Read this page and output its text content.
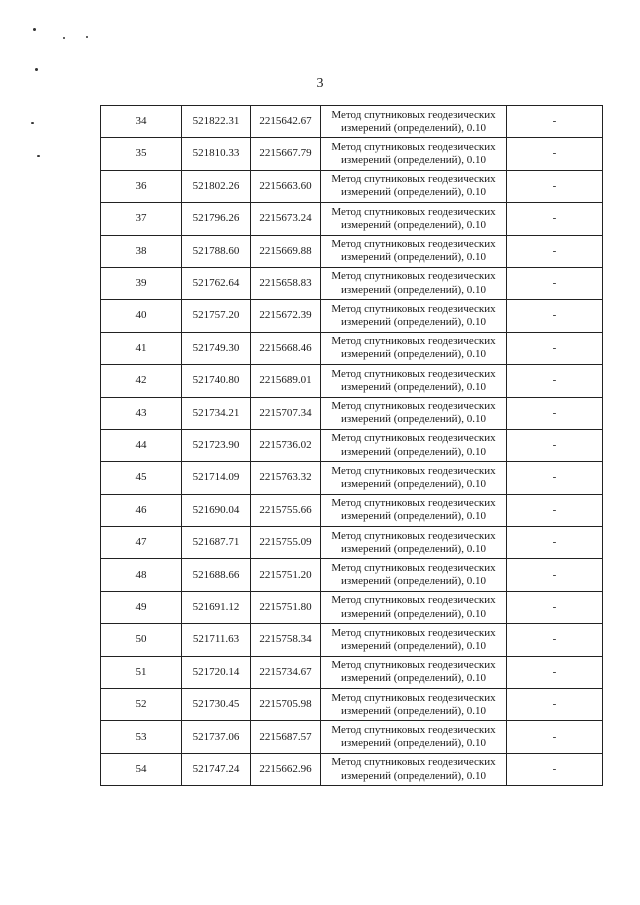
3
34	521822.31	2215642.67	Метод спутниковых геодезических
измерений (определений), 0.10	-
35	521810.33	2215667.79	Метод спутниковых геодезических
измерений (определений), 0.10	-
36	521802.26	2215663.60	Метод спутниковых геодезических
измерений (определений), 0.10	-
37	521796.26	2215673.24	Метод спутниковых геодезических
измерений (определений), 0.10	-
38	521788.60	2215669.88	Метод спутниковых геодезических
измерений (определений), 0.10	-
39	521762.64	2215658.83	Метод спутниковых геодезических
измерений (определений), 0.10	-
40	521757.20	2215672.39	Метод спутниковых геодезических
измерений (определений), 0.10	-
41	521749.30	2215668.46	Метод спутниковых геодезических
измерений (определений), 0.10	-
42	521740.80	2215689.01	Метод спутниковых геодезических
измерений (определений), 0.10	-
43	521734.21	2215707.34	Метод спутниковых геодезических
измерений (определений), 0.10	-
44	521723.90	2215736.02	Метод спутниковых геодезических
измерений (определений), 0.10	-
45	521714.09	2215763.32	Метод спутниковых геодезических
измерений (определений), 0.10	-
46	521690.04	2215755.66	Метод спутниковых геодезических
измерений (определений), 0.10	-
47	521687.71	2215755.09	Метод спутниковых геодезических
измерений (определений), 0.10	-
48	521688.66	2215751.20	Метод спутниковых геодезических
измерений (определений), 0.10	-
49	521691.12	2215751.80	Метод спутниковых геодезических
измерений (определений), 0.10	-
50	521711.63	2215758.34	Метод спутниковых геодезических
измерений (определений), 0.10	-
51	521720.14	2215734.67	Метод спутниковых геодезических
измерений (определений), 0.10	-
52	521730.45	2215705.98	Метод спутниковых геодезических
измерений (определений), 0.10	-
53	521737.06	2215687.57	Метод спутниковых геодезических
измерений (определений), 0.10	-
54	521747.24	2215662.96	Метод спутниковых геодезических
измерений (определений), 0.10	-
